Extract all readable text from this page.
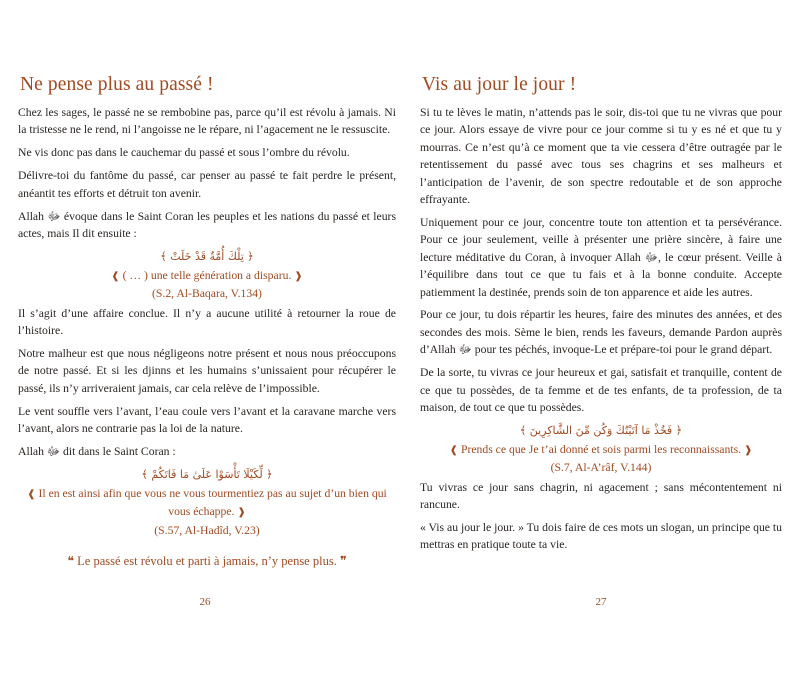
Ne pense plus au passé !

Chez les sages, le passé ne se rembobine pas, parce qu’il est révolu à jamais. Ni la tristesse ne le rend, ni l’angoisse ne le répare, ni l’agacement ne le ressuscite.

Ne vis donc pas dans le cauchemar du passé et sous l’ombre du révolu.

Délivre-toi du fantôme du passé, car penser au passé te fait perdre le présent, anéantit tes efforts et détruit ton avenir.

Allah ﷻ évoque dans le Saint Coran les peuples et les nations du passé et leurs actes, mais Il dit ensuite :

﴿ تِلْكَ أُمَّةٌ قَدْ خَلَتْ ﴾
❰ ( … ) une telle génération a disparu. ❱
(S.2, Al-Baqara, V.134)

Il s’agit d’une affaire conclue. Il n’y a aucune utilité à retourner la roue de l’histoire.

Notre malheur est que nous négligeons notre présent et nous nous préoccupons de notre passé. Et si les djinns et les humains s’unissaient pour récupérer le passé, ils n’y arriveraient jamais, car cela relève de l’impossible.

Le vent souffle vers l’avant, l’eau coule vers l’avant et la caravane marche vers l’avant, alors ne contrarie pas la loi de la nature.

Allah ﷻ dit dans le Saint Coran :

﴿ لِّكَيْلَا تَأْسَوْا عَلَىٰ مَا فَاتَكُمْ ﴾
❰ Il en est ainsi afin que vous ne vous tourmentiez pas au sujet d’un bien qui vous échappe. ❱
(S.57, Al-Hadîd, V.23)
❝ Le passé est révolu et parti à jamais, n’y pense plus. ❞
26
Vis au jour le jour !

Si tu te lèves le matin, n’attends pas le soir, dis-toi que tu ne vivras que pour ce jour. Alors essaye de vivre pour ce jour comme si tu y es né et que tu y mourras. Ce n’est qu’à ce moment que ta vie cessera d’être outragée par le retentissement du passé avec tous ses chagrins et ses malheurs et l’anticipation de l’avenir, de son spectre redoutable et de son approche effrayante.

Uniquement pour ce jour, concentre toute ton attention et ta persévérance. Pour ce jour seulement, veille à présenter une prière sincère, à faire une lecture méditative du Coran, à invoquer Allah ﷻ, le cœur présent. Veille à l’équilibre dans tout ce que tu fais et à la bonne conduite. Accepte patiemment la destinée, prends soin de ton apparence et aide les autres.

Pour ce jour, tu dois répartir les heures, faire des minutes des années, et des secondes des mois. Sème le bien, rends les faveurs, demande Pardon auprès d’Allah ﷻ pour tes péchés, invoque-Le et prépare-toi pour le grand départ.

De la sorte, tu vivras ce jour heureux et gai, satisfait et tranquille, content de ce que tu possèdes, de ta femme et de tes enfants, de ta profession, de ta maison, de tout ce que tu possèdes.

﴿ فَخُذْ مَا آتَيْتُكَ وَكُن مِّنَ الشَّاكِرِينَ ﴾
❰ Prends ce que Je t’ai donné et sois parmi les reconnaissants. ❱
(S.7, Al-A’râf, V.144)

Tu vivras ce jour sans chagrin, ni agacement ; sans mécontentement ni rancune.

« Vis au jour le jour. » Tu dois faire de ces mots un slogan, un principe que tu mettras en pratique toute ta vie.

27
